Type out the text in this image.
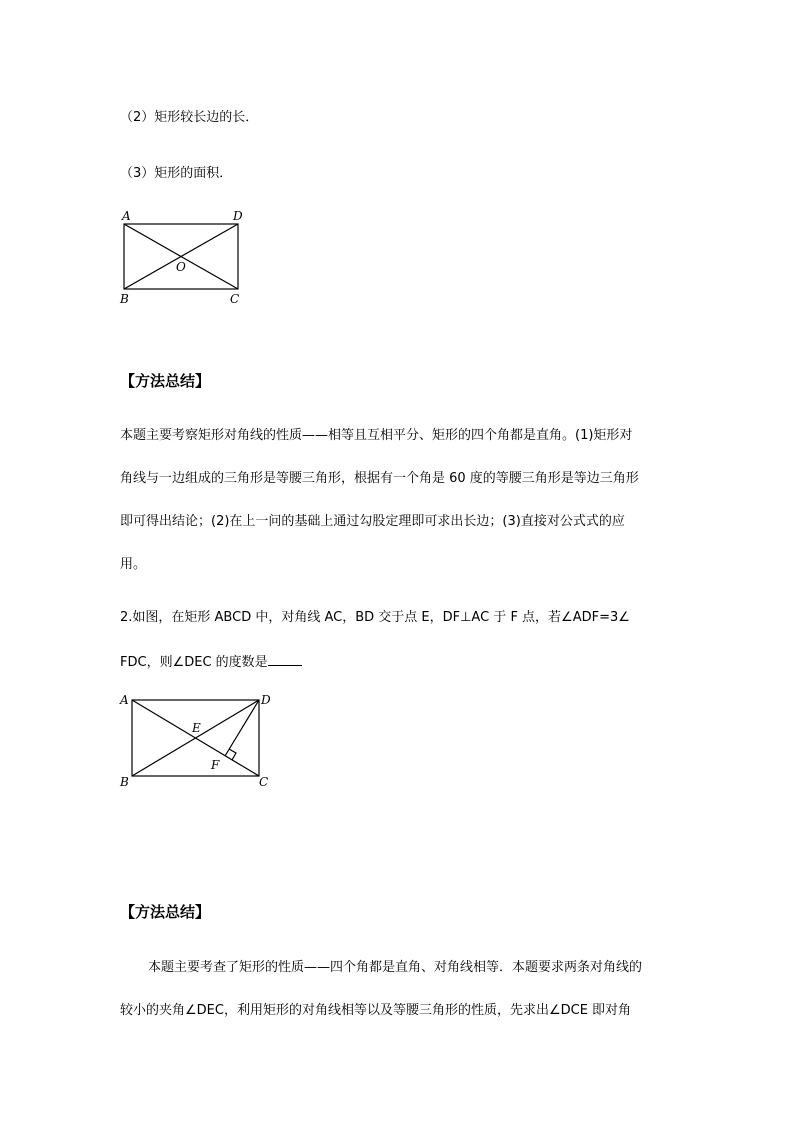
（2）矩形较长边的长．
（3）矩形的面积．
A	D
O
B	C
【方法总结】
本题主要考察矩形对角线的性质——相等且互相平分、矩形的四个角都是直角。(1)矩形对
角线与一边组成的三角形是等腰三角形，根据有一个角是 60 度的等腰三角形是等边三角形
即可得出结论；(2)在上一问的基础上通过勾股定理即可求出长边；(3)直接对公式式的应
用。
2.如图，在矩形 ABCD 中，对角线 AC，BD 交于点 E，DF⊥AC 于 F 点，若∠ADF=3∠
FDC，则∠DEC 的度数是
A	D
E
F
B	C
【方法总结】
本题主要考查了矩形的性质——四个角都是直角、对角线相等．本题要求两条对角线的
较小的夹角∠DEC，利用矩形的对角线相等以及等腰三角形的性质，先求出∠DCE 即对角
